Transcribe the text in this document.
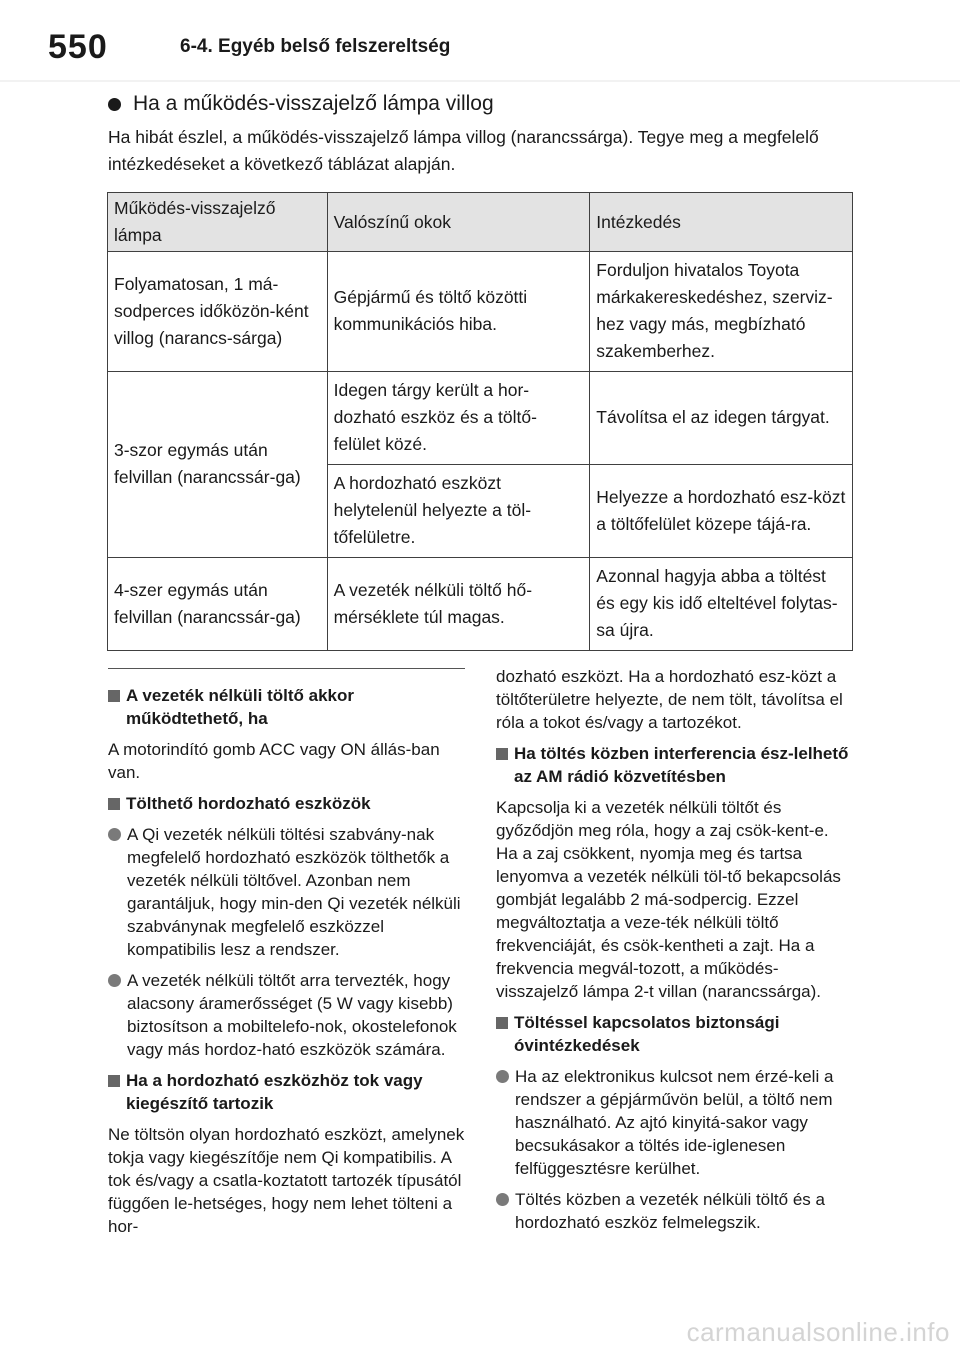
550	6-4. Egyéb belső felszereltség
Ha a működés-visszajelző lámpa villog
Ha hibát észlel, a működés-visszajelző lámpa villog (narancssárga). Tegye meg a megfelelő intézkedéseket a következő táblázat alapján.
Működés-visszajelző lámpa	Valószínű okok	Intézkedés
Folyamatosan, 1 má-sodperces időközön-ként villog (narancs-sárga)	Gépjármű és töltő közötti kommunikációs hiba.	Forduljon hivatalos Toyota márkakereskedéshez, szerviz-hez vagy más, megbízható szakemberhez.
3-szor egymás után felvillan (narancssár-ga)	Idegen tárgy került a hor-dozható eszköz és a töltő-felület közé.	Távolítsa el az idegen tárgyat.
	A hordozható eszközt helytelenül helyezte a töl-tőfelületre.	Helyezze a hordozható esz-közt a töltőfelület közepe tájá-ra.
4-szer egymás után felvillan (narancssár-ga)	A vezeték nélküli töltő hő-mérséklete túl magas.	Azonnal hagyja abba a töltést és egy kis idő elteltével folytas-sa újra.
A vezeték nélküli töltő akkor működtethető, ha

A motorindító gomb ACC vagy ON állás-ban van.

Tölthető hordozható eszközök
A Qi vezeték nélküli töltési szabvány-nak megfelelő hordozható eszközök tölthetők a vezeték nélküli töltővel. Azonban nem garantáljuk, hogy min-den Qi vezeték nélküli szabványnak megfelelő eszközzel kompatibilis lesz a rendszer.
A vezeték nélküli töltőt arra tervezték, hogy alacsony áramerősséget (5 W vagy kisebb) biztosítson a mobiltelefo-nok, okostelefonok vagy más hordoz-ható eszközök számára.
Ha a hordozható eszközhöz tok vagy kiegészítő tartozik

Ne töltsön olyan hordozható eszközt, amelynek tokja vagy kiegészítője nem Qi kompatibilis. A tok és/vagy a csatla-koztatott tartozék típusától függően le-hetséges, hogy nem lehet tölteni a hor-

dozható eszközt. Ha a hordozható esz-közt a töltőterületre helyezte, de nem tölt, távolítsa el róla a tokot és/vagy a tartozékot.

Ha töltés közben interferencia ész-lelhető az AM rádió közvetítésben

Kapcsolja ki a vezeték nélküli töltőt és győződjön meg róla, hogy a zaj csök-kent-e. Ha a zaj csökkent, nyomja meg és tartsa lenyomva a vezeték nélküli töl-tő bekapcsolás gombját legalább 2 má-sodpercig. Ezzel megváltoztatja a veze-ték nélküli töltő frekvenciáját, és csök-kentheti a zajt. Ha a frekvencia megvál-tozott, a működés-visszajelző lámpa 2-t villan (narancssárga).

Töltéssel kapcsolatos biztonsági óvintézkedések
Ha az elektronikus kulcsot nem érzé-keli a rendszer a gépjárművön belül, a töltő nem használható. Az ajtó kinyitá-sakor vagy becsukásakor a töltés ide-iglenesen felfüggesztésre kerülhet.
Töltés közben a vezeték nélküli töltő és a hordozható eszköz felmelegszik.
carmanualsonline.info
